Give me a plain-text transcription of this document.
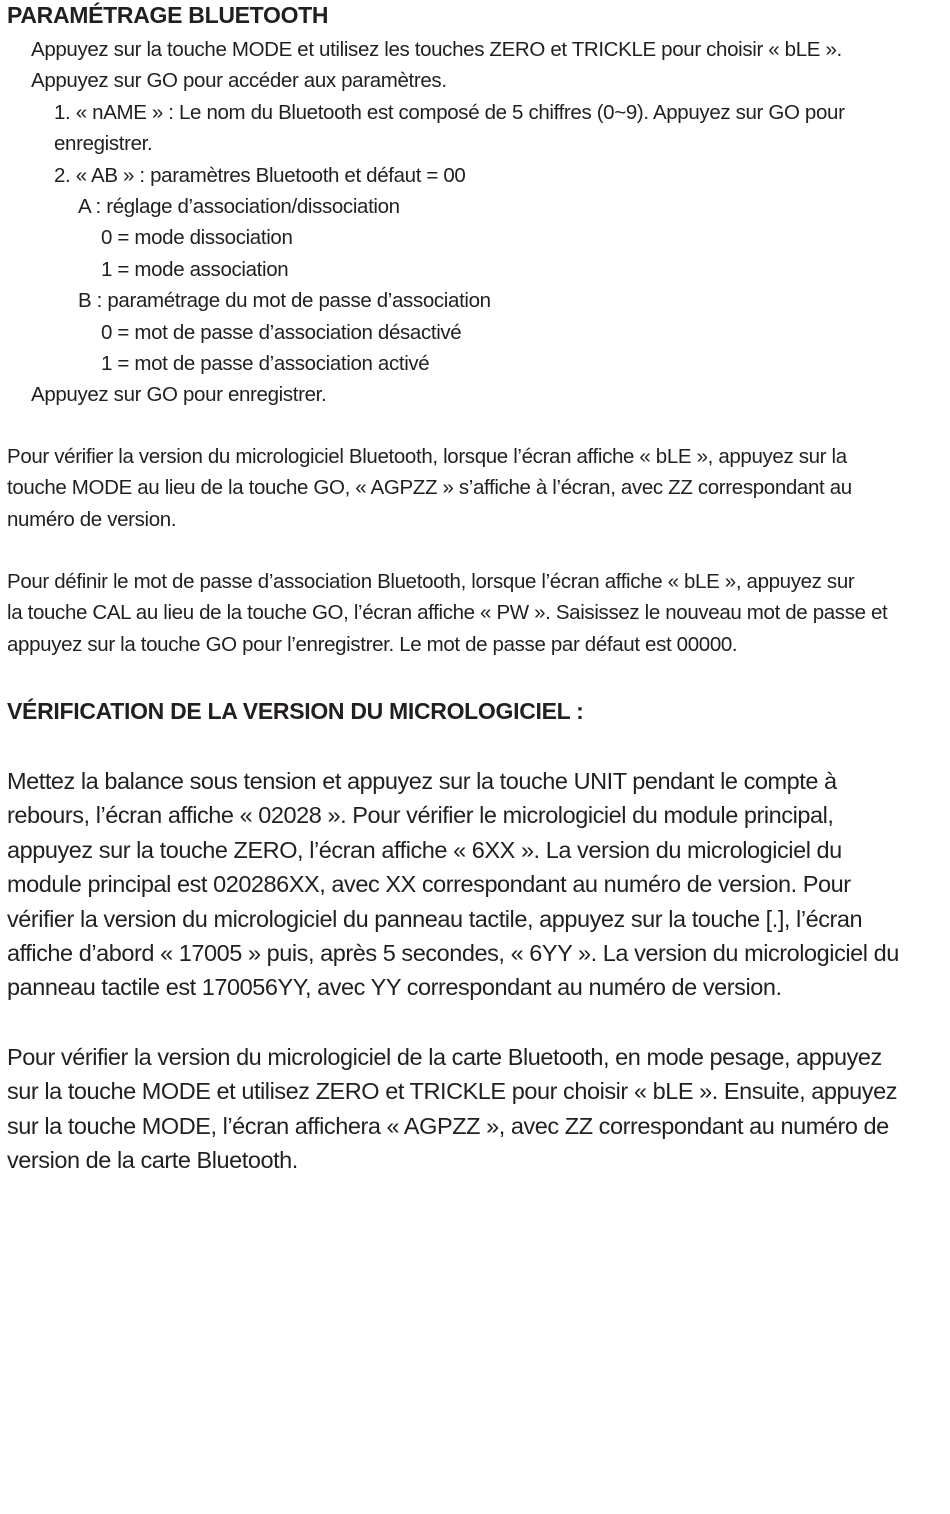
PARAMÉTRAGE BLUETOOTH
Appuyez sur la touche MODE et utilisez les touches ZERO et TRICKLE pour choisir « bLE ».
Appuyez sur GO pour accéder aux paramètres.
1. « nAME » : Le nom du Bluetooth est composé de 5 chiffres (0~9). Appuyez sur GO pour
enregistrer.
2. « AB » : paramètres Bluetooth et défaut = 00
A : réglage d’association/dissociation
0 = mode dissociation
1 = mode association
B : paramétrage du mot de passe d’association
0 = mot de passe d’association désactivé
1 = mot de passe d’association activé
Appuyez sur GO pour enregistrer.
Pour vérifier la version du micrologiciel Bluetooth, lorsque l’écran affiche « bLE », appuyez sur la
touche MODE au lieu de la touche GO, « AGPZZ » s’affiche à l’écran, avec ZZ correspondant au
numéro de version.
Pour définir le mot de passe d’association Bluetooth, lorsque l’écran affiche « bLE », appuyez sur
la touche CAL au lieu de la touche GO, l’écran affiche « PW ». Saisissez le nouveau mot de passe et
appuyez sur la touche GO pour l’enregistrer. Le mot de passe par défaut est 00000.
VÉRIFICATION DE LA VERSION DU MICROLOGICIEL :
Mettez la balance sous tension et appuyez sur la touche UNIT pendant le compte à
rebours, l’écran affiche « 02028 ». Pour vérifier le micrologiciel du module principal,
appuyez sur la touche ZERO, l’écran affiche « 6XX ». La version du micrologiciel du
module principal est 020286XX, avec XX correspondant au numéro de version. Pour
vérifier la version du micrologiciel du panneau tactile, appuyez sur la touche [.], l’écran
affiche d’abord « 17005 » puis, après 5 secondes, « 6YY ». La version du micrologiciel du
panneau tactile est 170056YY, avec YY correspondant au numéro de version.
Pour vérifier la version du micrologiciel de la carte Bluetooth, en mode pesage, appuyez
sur la touche MODE et utilisez ZERO et TRICKLE pour choisir « bLE ». Ensuite, appuyez
sur la touche MODE, l’écran affichera « AGPZZ », avec ZZ correspondant au numéro de
version de la carte Bluetooth.
